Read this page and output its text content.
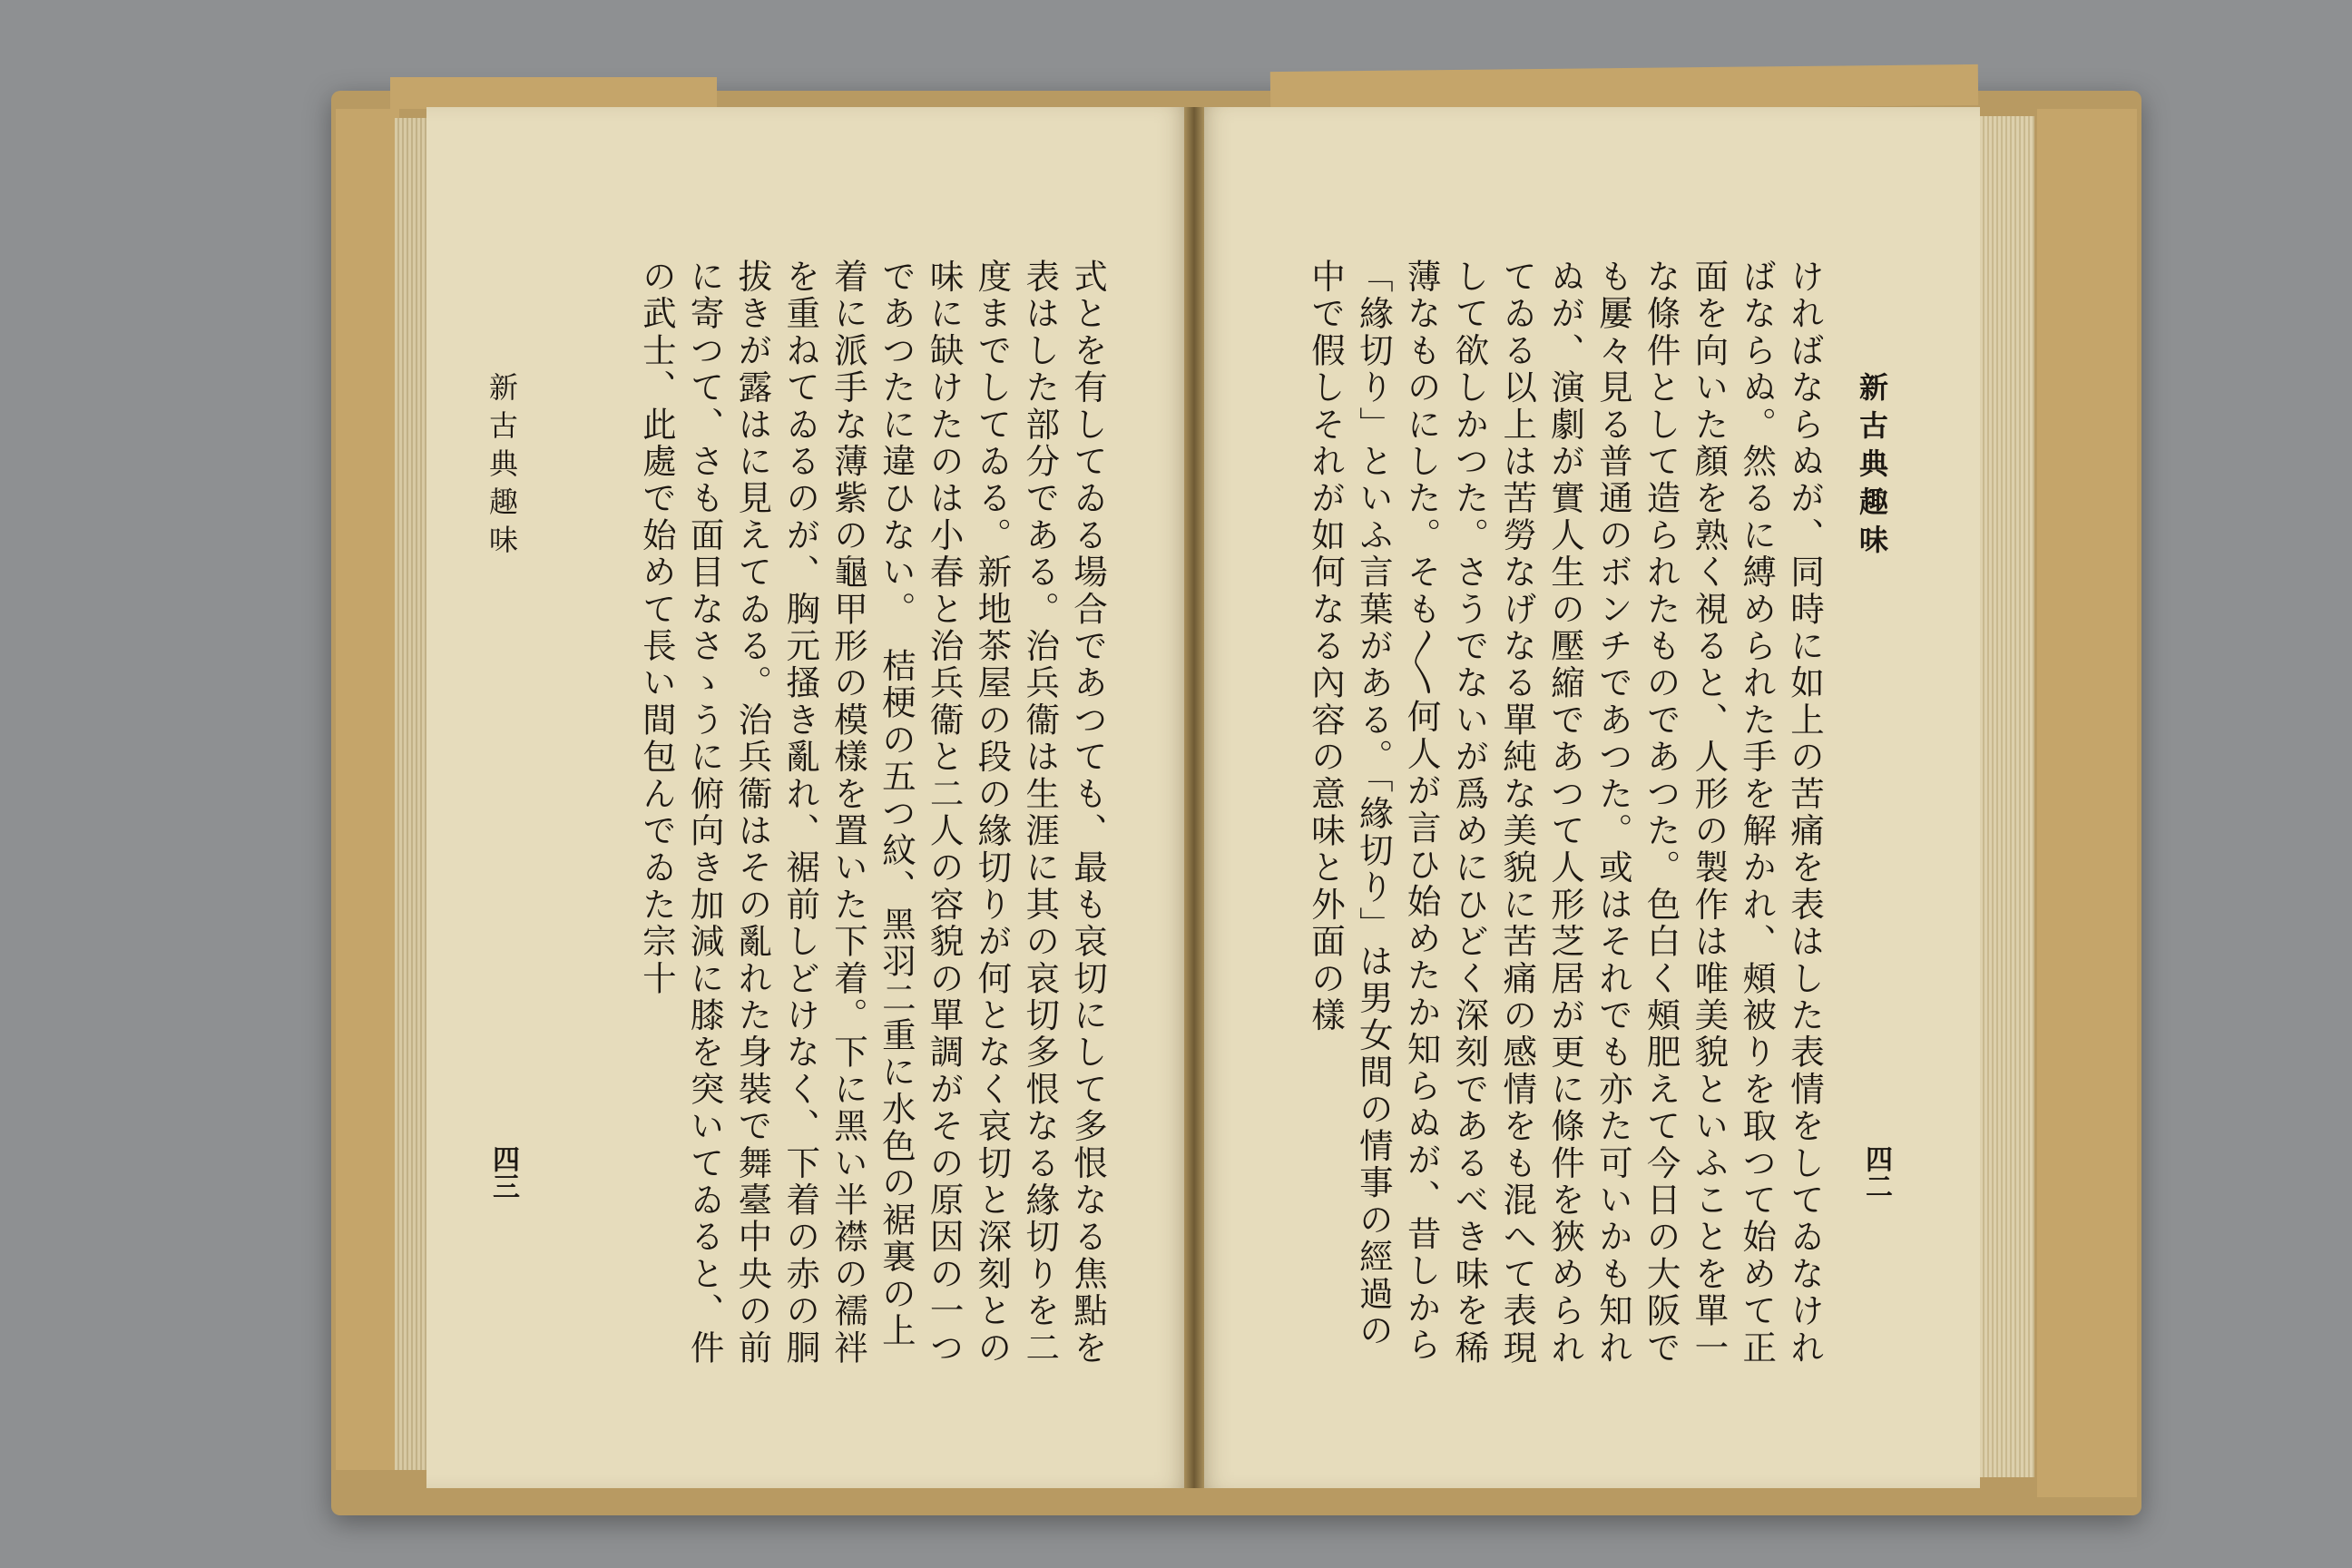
新古典趣味

四二

ければならぬが、同時に如上の苦痛を表はした表情をしてゐなければならぬ。然るに縛められた手を解かれ、頰被りを取つて始めて正面を向いた顏を熟く視ると、人形の製作は唯美貌といふことを單一な條件として造られたものであつた。色白く頰肥えて今日の大阪でも屢々見る普通のボンチであつた。或はそれでも亦た可いかも知れぬが、演劇が實人生の壓縮であつて人形芝居が更に條件を狹められてゐる以上は苦勞なげなる單純な美貌に苦痛の感情をも混へて表現して欲しかつた。さうでないが爲めにひどく深刻であるべき味を稀薄なものにした。そも〳〵何人が言ひ始めたか知らぬが、昔しから「緣切り」といふ言葉がある。「緣切り」は男女間の情事の經過の中で假しそれが如何なる內容の意味と外面の樣

新古典趣味

四三	式とを有してゐる場合であつても、最も哀切にして多恨なる焦點を表はした部分である。治兵衞は生涯に其の哀切多恨なる緣切りを二度までしてゐる。新地茶屋の段の緣切りが何となく哀切と深刻との味に缺けたのは小春と治兵衞と二人の容貌の單調がその原因の一つであつたに違ひない。　桔梗の五つ紋、黑羽二重に水色の裾裏の上着に派手な薄紫の龜甲形の模樣を置いた下着。下に黑い半襟の襦袢を重ねてゐるのが、胸元搔き亂れ、裾前しどけなく、下着の赤の胴拔きが露はに見えてゐる。治兵衞はその亂れた身裝で舞臺中央の前に寄つて、さも面目なさゝうに俯向き加減に膝を突いてゐると、件の武士、此處で始めて長い間包んでゐた宗十
